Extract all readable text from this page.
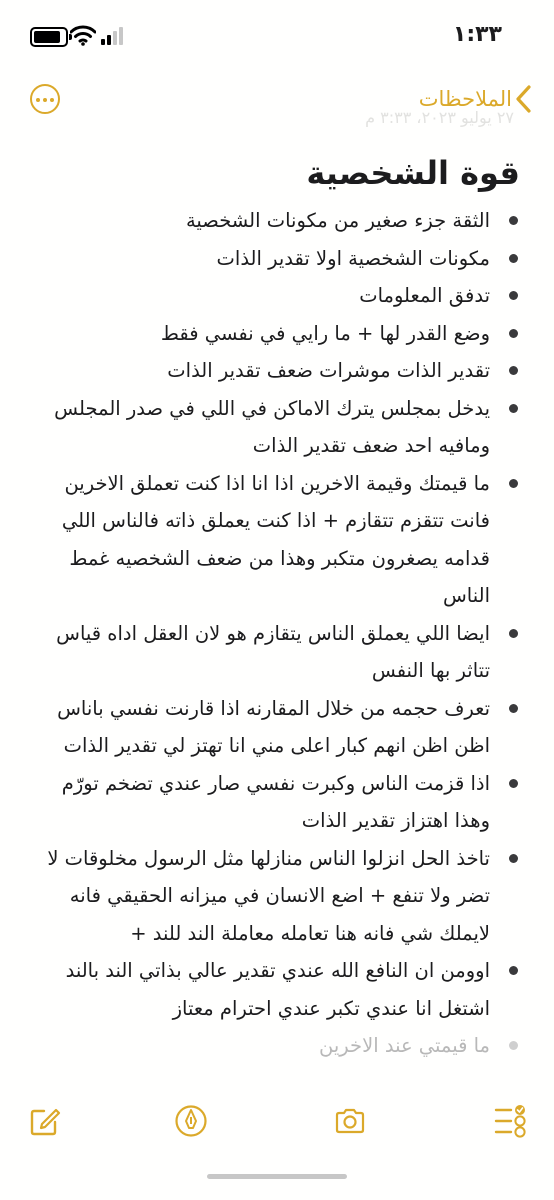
١:٣٣
الملاحظات
٢٧ يوليو ٢٠٢٣، ٣:٣٣ م
قوة الشخصية
الثقة جزء صغير من مكونات الشخصية
مكونات الشخصية اولا تقدير الذات
تدفق المعلومات
وضع القدر لها + ما رايي في نفسي فقط
تقدير الذات موشرات ضعف تقدير الذات
يدخل بمجلس يترك الاماكن في اللي في صدر المجلس ومافيه احد ضعف تقدير الذات
ما قيمتك وقيمة الاخرين اذا انا اذا كنت تعملق الاخرين فانت تتقزم تتقازم + اذا كنت يعملق ذاته فالناس اللي قدامه يصغرون متكبر وهذا من ضعف الشخصيه غمط الناس
ايضا اللي يعملق الناس يتقازم هو لان العقل اداه قياس تتاثر بها النفس
تعرف حجمه من خلال المقارنه اذا قارنت نفسي باناس اظن اظن انهم كبار اعلى مني انا تهتز لي تقدير الذات
اذا قزمت الناس وكبرت نفسي صار عندي تضخم تورّم وهذا اهتزاز تقدير الذات
تاخذ الحل انزلوا الناس منازلها مثل الرسول مخلوقات لا تضر ولا تنفع + اضع الانسان في ميزانه الحقيقي فانه لايملك شي فانه هنا تعامله معاملة الند للند +
اوومن ان النافع الله عندي تقدير عالي بذاتي الند بالند اشتغل انا عندي تكبر عندي احترام معتاز
ما قيمتي عند الاخرين
